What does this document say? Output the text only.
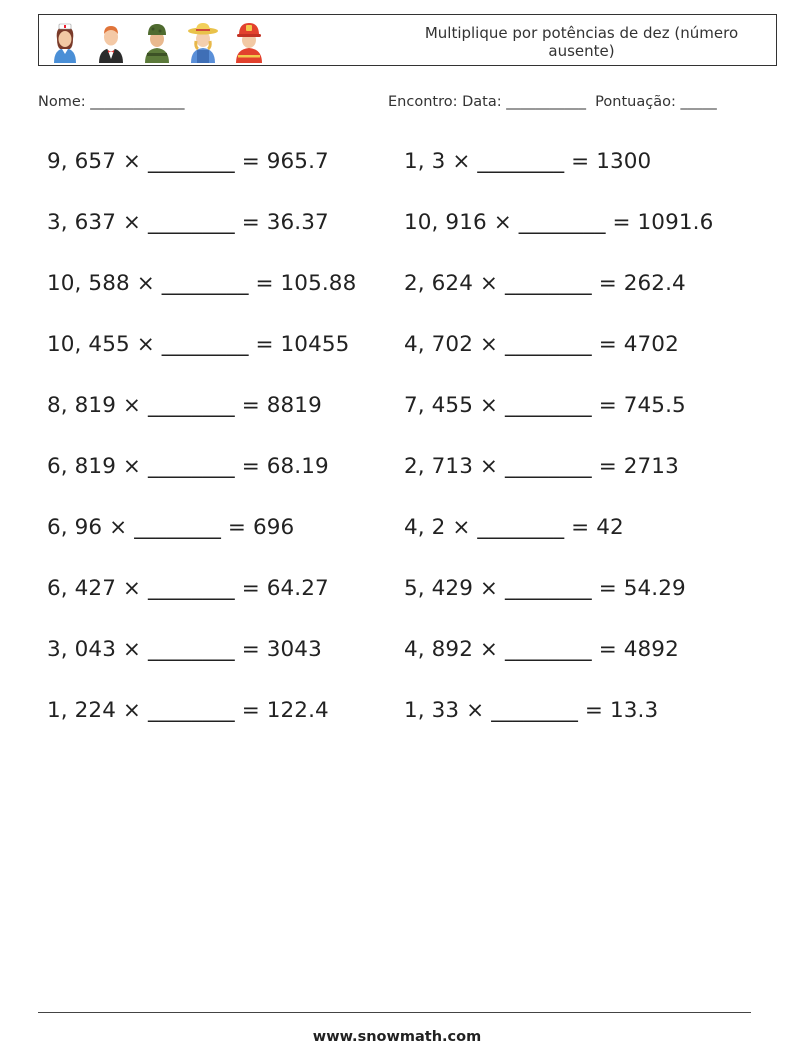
Multiplique por potências de dez (número ausente)
Nome: _____________	Encontro: Data: ___________ Pontuação: _____
9, 657 × ________ = 965.7
3, 637 × ________ = 36.37
10, 588 × ________ = 105.88
10, 455 × ________ = 10455
8, 819 × ________ = 8819
6, 819 × ________ = 68.19
6, 96 × ________ = 696
6, 427 × ________ = 64.27
3, 043 × ________ = 3043
1, 224 × ________ = 122.4
1, 3 × ________ = 1300
10, 916 × ________ = 1091.6
2, 624 × ________ = 262.4
4, 702 × ________ = 4702
7, 455 × ________ = 745.5
2, 713 × ________ = 2713
4, 2 × ________ = 42
5, 429 × ________ = 54.29
4, 892 × ________ = 4892
1, 33 × ________ = 13.3
www.snowmath.com
